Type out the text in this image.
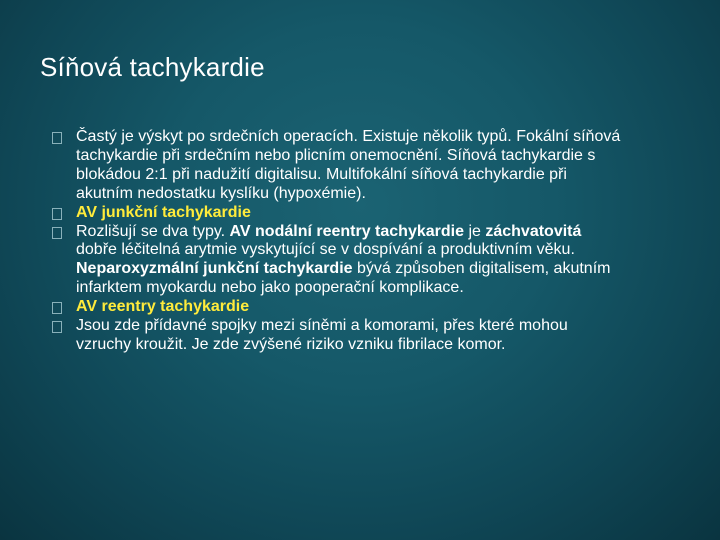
Síňová tachykardie
Častý je výskyt po srdečních operacích. Existuje několik typů. Fokální síňová tachykardie při srdečním nebo plicním onemocnění. Síňová tachykardie s blokádou 2:1 při nadužití digitalisu. Multifokální síňová tachykardie při akutním nedostatku kyslíku (hypoxémie).
AV junkční tachykardie
Rozlišují se dva typy. AV nodální reentry tachykardie je záchvatovitá dobře léčitelná arytmie vyskytující se v dospívání a produktivním věku. Neparoxyzmální junkční tachykardie bývá způsoben digitalisem, akutním infarktem myokardu nebo jako pooperační komplikace.
AV reentry tachykardie
Jsou zde přídavné spojky mezi síněmi a komorami, přes které mohou vzruchy kroužit. Je zde zvýšené riziko vzniku fibrilace komor.
